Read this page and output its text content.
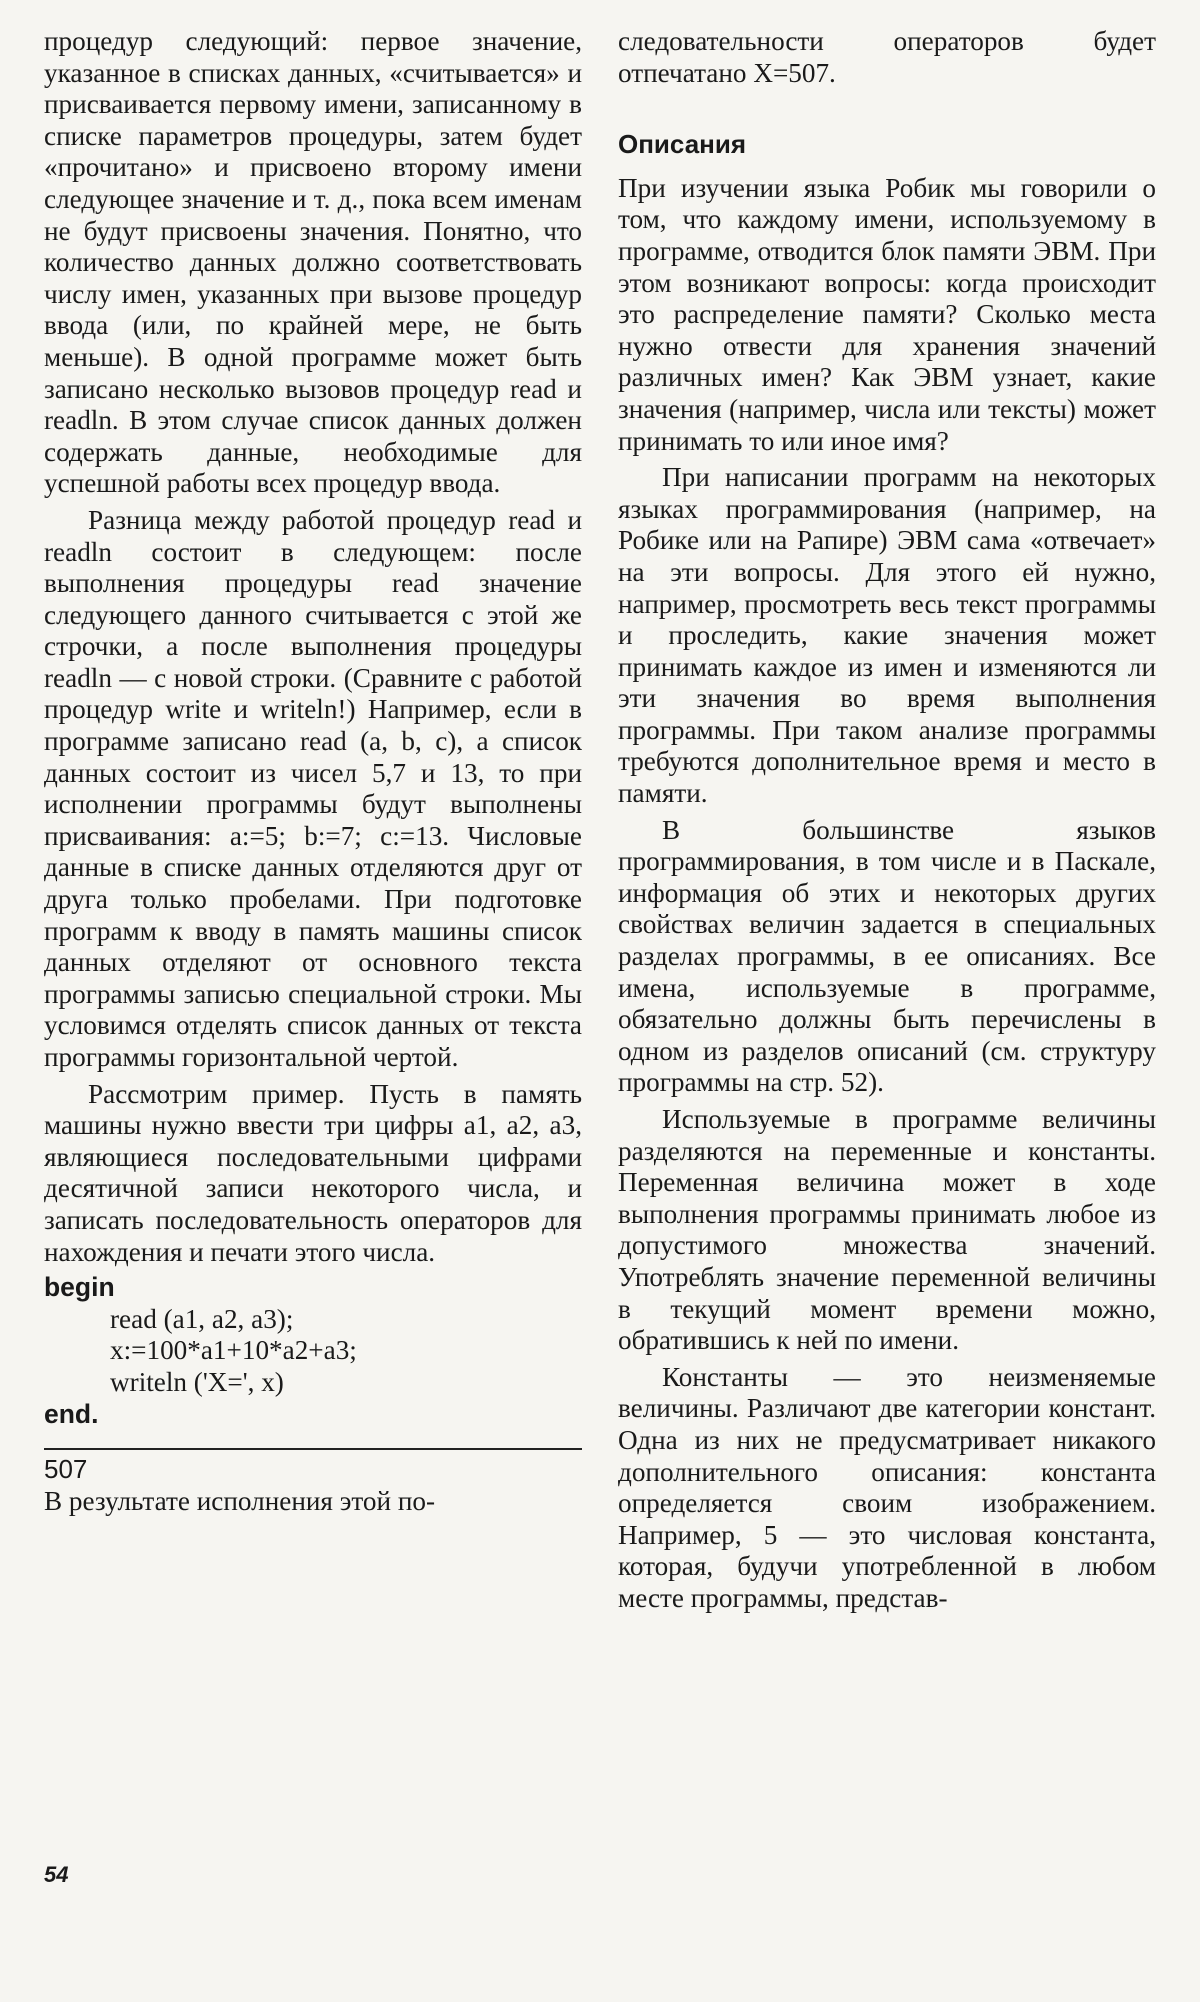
процедур следующий: первое значение, указанное в списках данных, «считывается» и присваивается первому имени, записанному в списке параметров процедуры, затем будет «прочитано» и присвоено второму имени следующее значение и т. д., пока всем именам не будут присвоены значения. Понятно, что количество данных должно соответствовать числу имен, указанных при вызове процедур ввода (или, по крайней мере, не быть меньше). В одной программе может быть записано несколько вызовов процедур read и readln. В этом случае список данных должен содержать данные, необходимые для успешной работы всех процедур ввода.

Разница между работой процедур read и readln состоит в следующем: после выполнения процедуры read значение следующего данного считывается с этой же строчки, а после выполнения процедуры readln — с новой строки. (Сравните с работой процедур write и writeln!) Например, если в программе записано read (a, b, c), а список данных состоит из чисел 5,7 и 13, то при исполнении программы будут выполнены присваивания: a:=5; b:=7; c:=13. Числовые данные в списке данных отделяются друг от друга только пробелами. При подготовке программ к вводу в память машины список данных отделяют от основного текста программы записью специальной строки. Мы условимся отделять список данных от текста программы горизонтальной чертой.

Рассмотрим пример. Пусть в память машины нужно ввести три цифры a1, a2, a3, являющиеся последовательными цифрами десятичной записи некоторого числа, и записать последовательность операторов для нахождения и печати этого числа.

begin
read (a1, a2, a3);
x:=100*a1+10*a2+a3;
writeln ('X=', x)
end.
507

В результате исполнения этой по-

следовательности операторов будет отпечатано X=507.

Описания

При изучении языка Робик мы говорили о том, что каждому имени, используемому в программе, отводится блок памяти ЭВМ. При этом возникают вопросы: когда происходит это распределение памяти? Сколько места нужно отвести для хранения значений различных имен? Как ЭВМ узнает, какие значения (например, числа или тексты) может принимать то или иное имя?

При написании программ на некоторых языках программирования (например, на Робике или на Рапире) ЭВМ сама «отвечает» на эти вопросы. Для этого ей нужно, например, просмотреть весь текст программы и проследить, какие значения может принимать каждое из имен и изменяются ли эти значения во время выполнения программы. При таком анализе программы требуются дополнительное время и место в памяти.

В большинстве языков программирования, в том числе и в Паскале, информация об этих и некоторых других свойствах величин задается в специальных разделах программы, в ее описаниях. Все имена, используемые в программе, обязательно должны быть перечислены в одном из разделов описаний (см. структуру программы на стр. 52).

Используемые в программе величины разделяются на переменные и константы. Переменная величина может в ходе выполнения программы принимать любое из допустимого множества значений. Употреблять значение переменной величины в текущий момент времени можно, обратившись к ней по имени.

Константы — это неизменяемые величины. Различают две категории констант. Одна из них не предусматривает никакого дополнительного описания: константа определяется своим изображением. Например, 5 — это числовая константа, которая, будучи употребленной в любом месте программы, представ-

54
